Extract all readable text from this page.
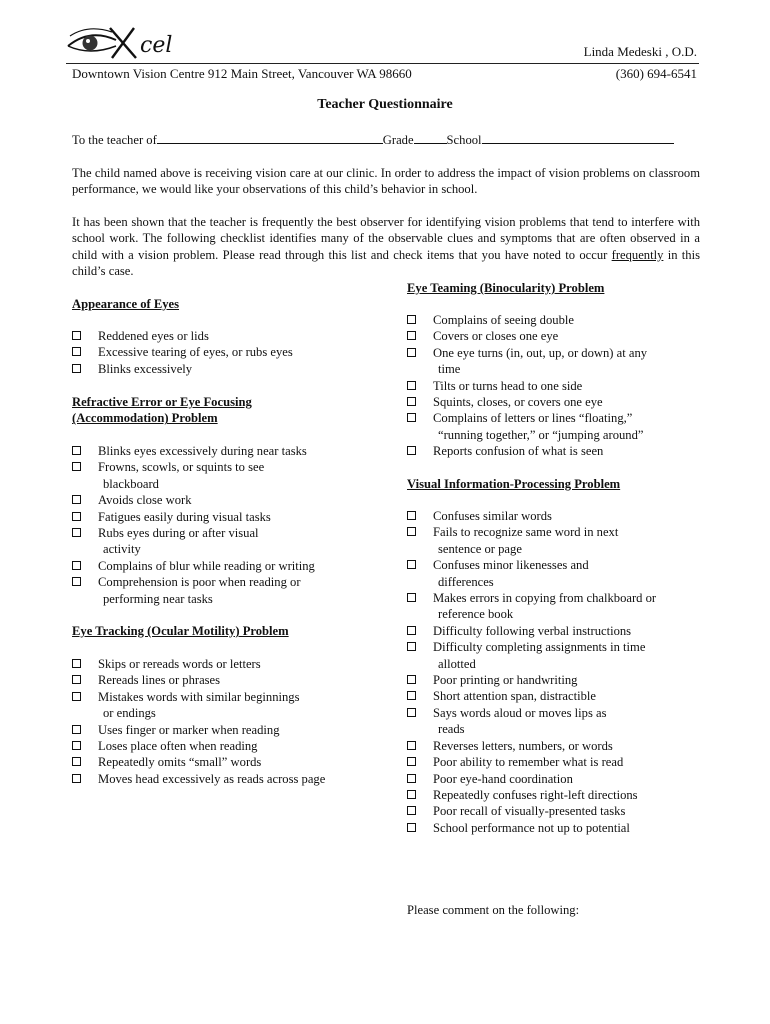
cel	Linda Medeski , O.D.
Downtown Vision Centre 912 Main Street, Vancouver WA 98660	(360) 694-6541
Teacher Questionnaire
To the teacher of	Grade	School
The child named above is receiving vision care at our clinic. In order to address the impact of vision problems on classroom performance, we would like your observations of this child’s behavior in school.
It has been shown that the teacher is frequently the best observer for identifying vision problems that tend to interfere with school work. The following checklist identifies many of the observable clues and symptoms that are often observed in a child with a vision problem. Please read through this list and check items that you have noted to occur frequently in this child’s case.
Appearance of Eyes
Reddened eyes or lids
Excessive tearing of eyes, or rubs eyes
Blinks excessively
Refractive Error or Eye Focusing
(Accommodation) Problem
Blinks eyes excessively during near tasks
Frowns, scowls, or squints to see
blackboard
Avoids close work
Fatigues easily during visual tasks
Rubs eyes during or after visual
activity
Complains of blur while reading or writing
Comprehension is poor when reading or
performing near tasks
Eye Tracking (Ocular Motility) Problem
Skips or rereads words or letters
Rereads lines or phrases
Mistakes words with similar beginnings
or endings
Uses finger or marker when reading
Loses place often when reading
Repeatedly omits “small” words
Moves head excessively as reads across page
Eye Teaming (Binocularity) Problem
Complains of seeing double
Covers or closes one eye
One eye turns (in, out, up, or down) at any
time
Tilts or turns head to one side
Squints, closes, or covers one eye
Complains of letters or lines “floating,”
“running together,” or “jumping around”
Reports confusion of what is seen
Visual Information-Processing Problem
Confuses similar words
Fails to recognize same word in next
sentence or page
Confuses minor likenesses and
differences
Makes errors in copying from chalkboard or
reference book
Difficulty following verbal instructions
Difficulty completing assignments in time
allotted
Poor printing or handwriting
Short attention span, distractible
Says words aloud or moves lips as
reads
Reverses letters, numbers, or words
Poor ability to remember what is read
Poor eye-hand coordination
Repeatedly confuses right-left directions
Poor recall of visually-presented tasks
School performance not up to potential
Please comment on the following:
